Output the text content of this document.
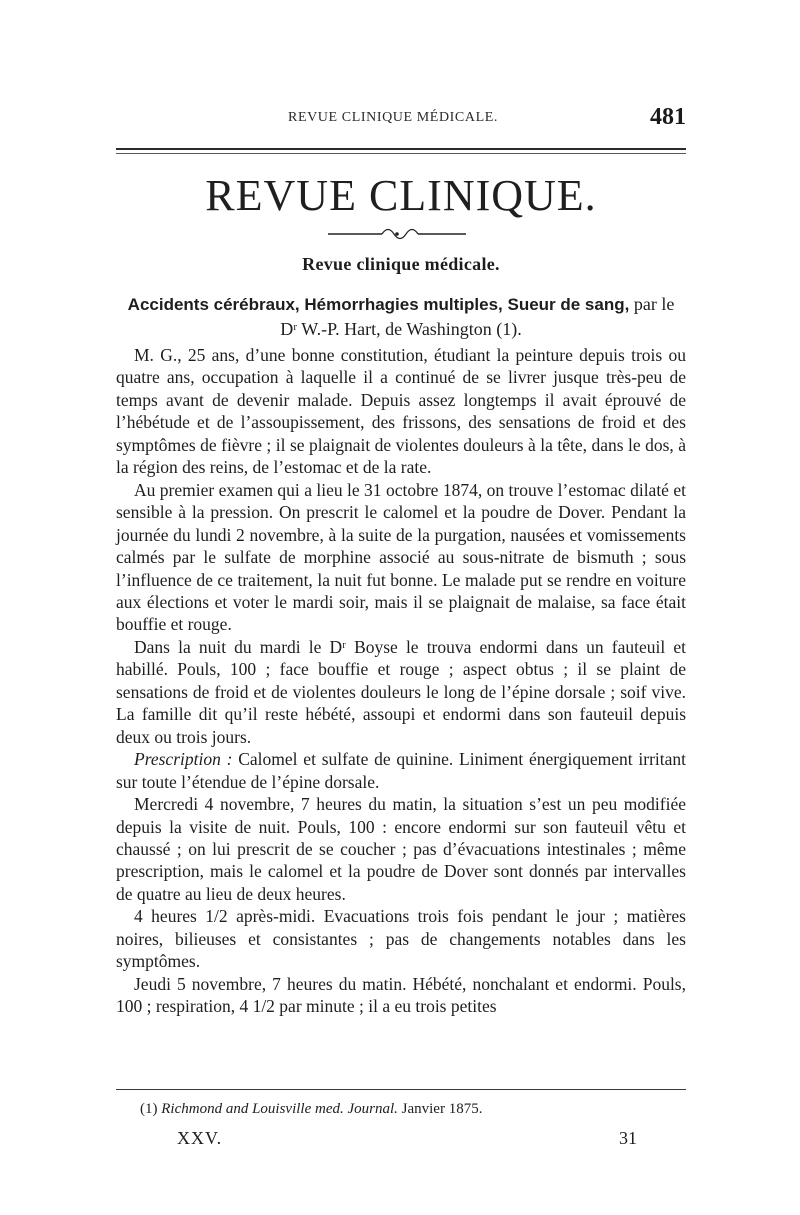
REVUE CLINIQUE MÉDICALE.	481
REVUE CLINIQUE.
Revue clinique médicale.
Accidents cérébraux, Hémorrhagies multiples, Sueur de sang, par le
Dʳ W.-P. Hart, de Washington (1).

M. G., 25 ans, d’une bonne constitution, étudiant la peinture depuis trois ou quatre ans, occupation à laquelle il a continué de se livrer jusque très-peu de temps avant de devenir malade. Depuis assez longtemps il avait éprouvé de l’hébétude et de l’assoupissement, des frissons, des sensations de froid et des symptômes de fièvre ; il se plaignait de violentes douleurs à la tête, dans le dos, à la région des reins, de l’estomac et de la rate.

Au premier examen qui a lieu le 31 octobre 1874, on trouve l’estomac dilaté et sensible à la pression. On prescrit le calomel et la poudre de Dover. Pendant la journée du lundi 2 novembre, à la suite de la purgation, nausées et vomissements calmés par le sulfate de morphine associé au sous-nitrate de bismuth ; sous l’influence de ce traitement, la nuit fut bonne. Le malade put se rendre en voiture aux élections et voter le mardi soir, mais il se plaignait de malaise, sa face était bouffie et rouge.

Dans la nuit du mardi le Dʳ Boyse le trouva endormi dans un fauteuil et habillé. Pouls, 100 ; face bouffie et rouge ; aspect obtus ; il se plaint de sensations de froid et de violentes douleurs le long de l’épine dorsale ; soif vive. La famille dit qu’il reste hébété, assoupi et endormi dans son fauteuil depuis deux ou trois jours.

Prescription : Calomel et sulfate de quinine. Liniment énergiquement irritant sur toute l’étendue de l’épine dorsale.

Mercredi 4 novembre, 7 heures du matin, la situation s’est un peu modifiée depuis la visite de nuit. Pouls, 100 : encore endormi sur son fauteuil vêtu et chaussé ; on lui prescrit de se coucher ; pas d’évacuations intestinales ; même prescription, mais le calomel et la poudre de Dover sont donnés par intervalles de quatre au lieu de deux heures.

4 heures 1/2 après-midi. Evacuations trois fois pendant le jour ; matières noires, bilieuses et consistantes ; pas de changements notables dans les symptômes.

Jeudi 5 novembre, 7 heures du matin. Hébété, nonchalant et endormi. Pouls, 100 ; respiration, 4 1/2 par minute ; il a eu trois petites

(1) Richmond and Louisville med. Journal. Janvier 1875.
XXV.	31
